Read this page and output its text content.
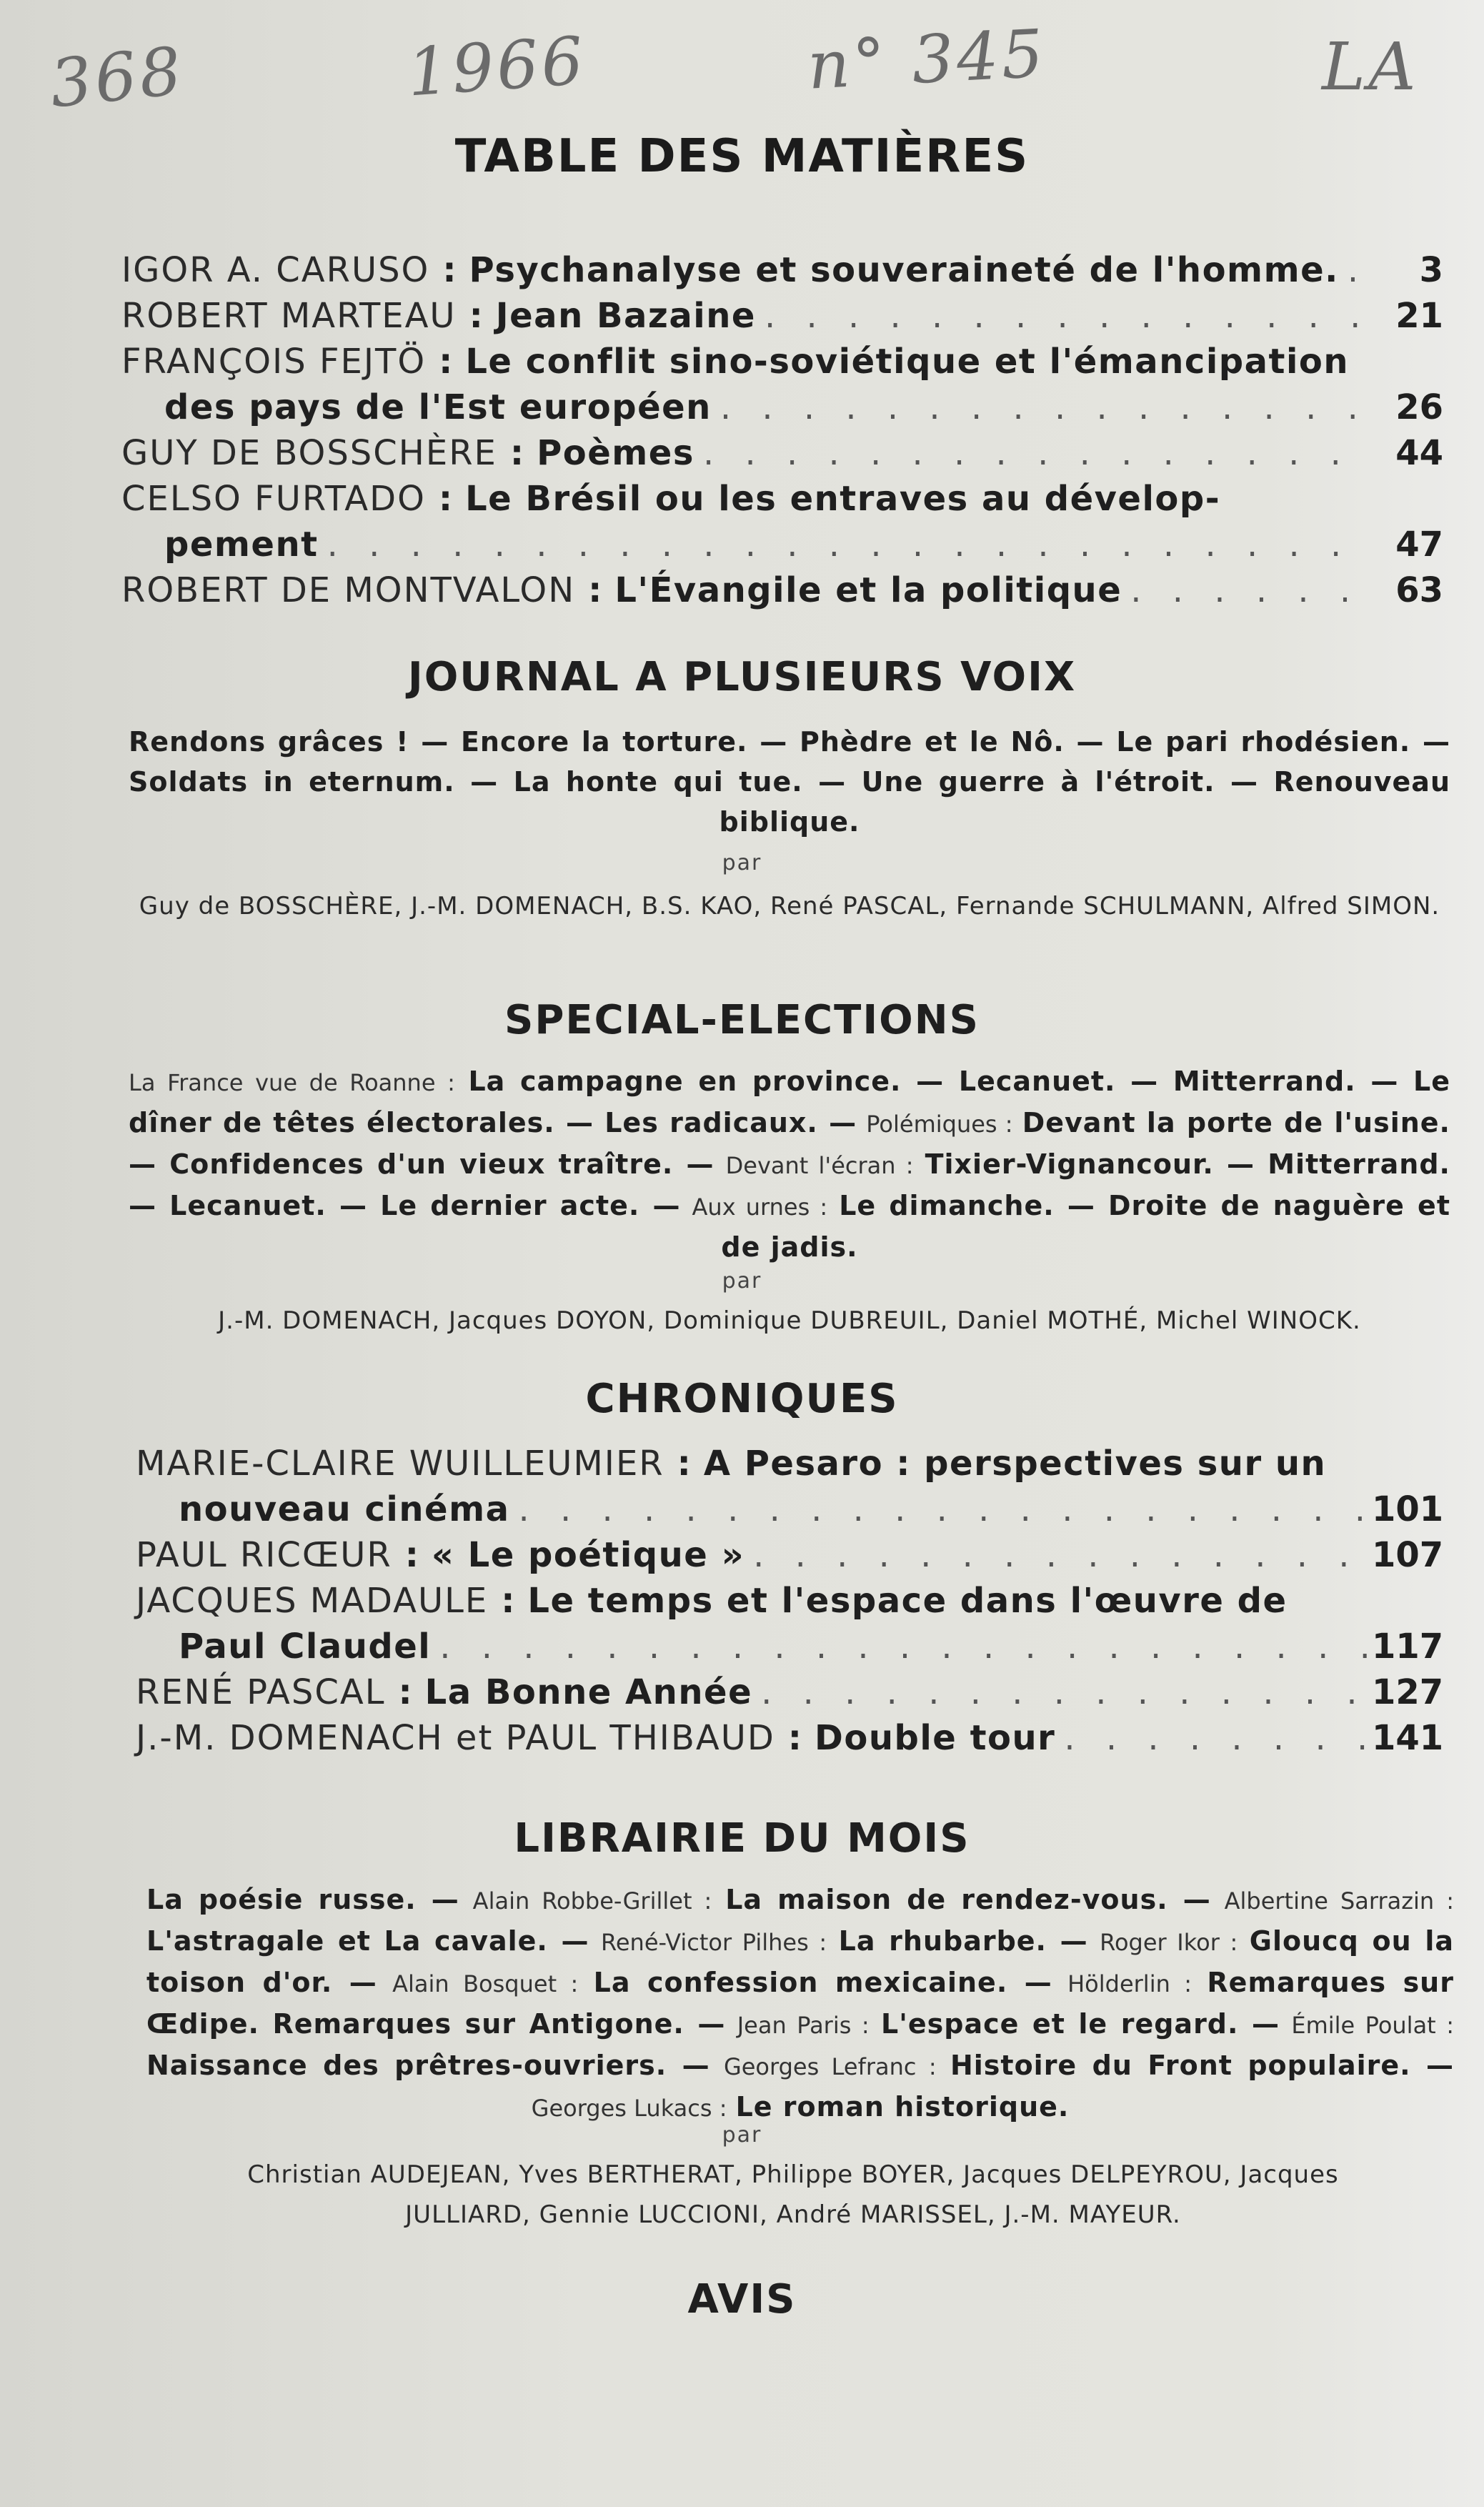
368	1966	n° 345	LA
TABLE DES MATIÈRES
IGOR A. CARUSO : Psychanalyse et souveraineté de l'homme. . . .	3
ROBERT MARTEAU : Jean Bazaine . . .	21
FRANÇOIS FEJTÖ : Le conflit sino-soviétique et l'émancipation
des pays de l'Est européen . . .	26
GUY DE BOSSCHÈRE : Poèmes . . .	44
CELSO FURTADO : Le Brésil ou les entraves au dévelop-
pement . . .	47
ROBERT DE MONTVALON : L'Évangile et la politique . . .	63
JOURNAL A PLUSIEURS VOIX
Rendons grâces ! — Encore la torture. — Phèdre et le Nô. — Le pari rhodésien. — Soldats in eternum. — La honte qui tue. — Une guerre à l'étroit. — Renouveau biblique.
par
Guy de BOSSCHÈRE, J.-M. DOMENACH, B.S. KAO, René PASCAL, Fernande SCHULMANN, Alfred SIMON.
SPECIAL-ELECTIONS
La France vue de Roanne : La campagne en province. — Lecanuet. — Mitterrand. — Le dîner de têtes électorales. — Les radicaux. — Polémiques : Devant la porte de l'usine. — Confidences d'un vieux traître. — Devant l'écran : Tixier-Vignancour. — Mitterrand. — Lecanuet. — Le dernier acte. — Aux urnes : Le dimanche. — Droite de naguère et de jadis.
par
J.-M. DOMENACH, Jacques DOYON, Dominique DUBREUIL, Daniel MOTHÉ, Michel WINOCK.
CHRONIQUES
MARIE-CLAIRE WUILLEUMIER : A Pesaro : perspectives sur un
nouveau cinéma . . .	101
PAUL RICŒUR : « Le poétique » . . .	107
JACQUES MADAULE : Le temps et l'espace dans l'œuvre de
Paul Claudel . . .	117
RENÉ PASCAL : La Bonne Année . . .	127
J.-M. DOMENACH et PAUL THIBAUD : Double tour . . .	141
LIBRAIRIE DU MOIS
La poésie russe. — Alain Robbe-Grillet : La maison de rendez-vous. — Albertine Sarrazin : L'astragale et La cavale. — René-Victor Pilhes : La rhubarbe. — Roger Ikor : Gloucq ou la toison d'or. — Alain Bosquet : La confession mexicaine. — Hölderlin : Remarques sur Œdipe. Remarques sur Antigone. — Jean Paris : L'espace et le regard. — Émile Poulat : Naissance des prêtres-ouvriers. — Georges Lefranc : Histoire du Front populaire. — Georges Lukacs : Le roman historique.
par
Christian AUDEJEAN, Yves BERTHERAT, Philippe BOYER, Jacques DELPEYROU, Jacques JULLIARD, Gennie LUCCIONI, André MARISSEL, J.-M. MAYEUR.
AVIS
